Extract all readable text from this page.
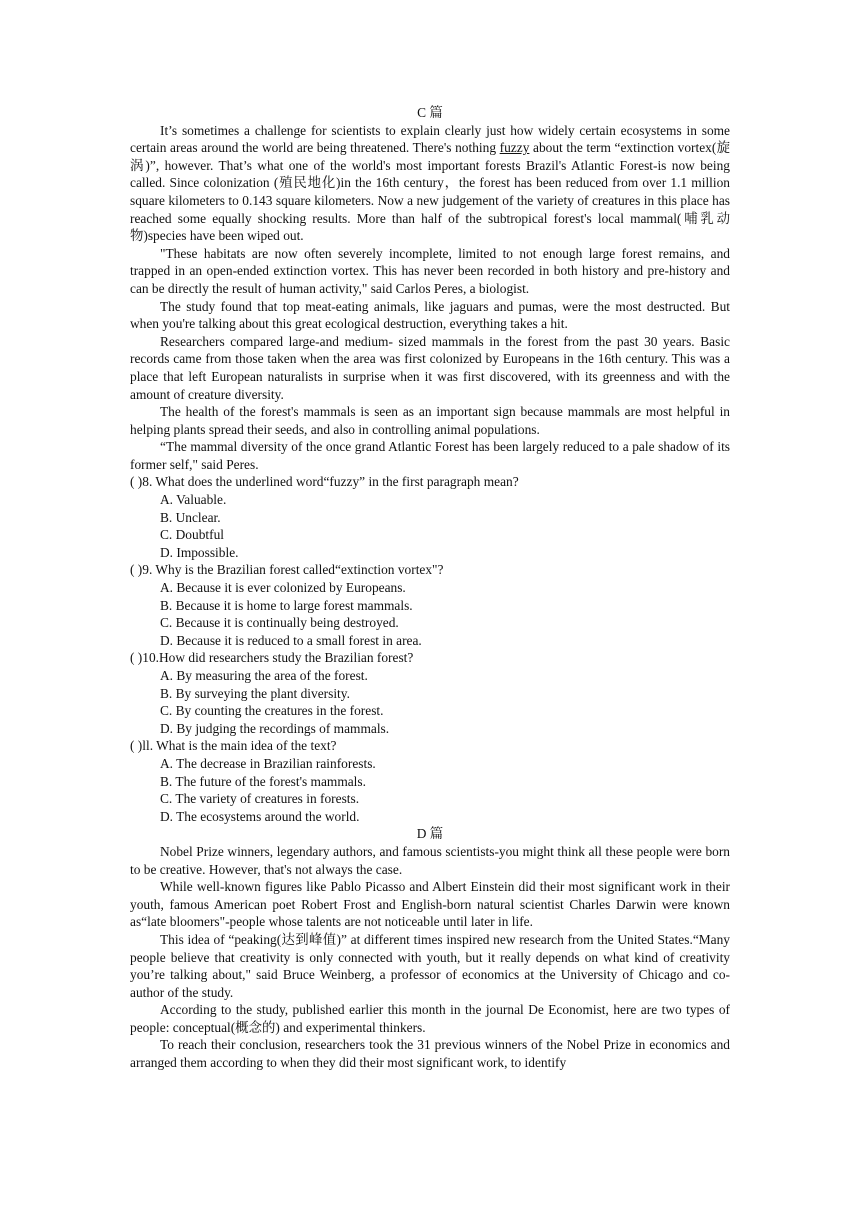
C 篇

It’s sometimes a challenge for scientists to explain clearly just how widely certain ecosystems in some certain areas around the world are being threatened. There's nothing fuzzy about the term “extinction vortex(旋涡)”, however. That’s what one of the world's most important forests Brazil's Atlantic Forest-is now being called. Since colonization (殖民地化)in the 16th century，the forest has been reduced from over 1.1 million square kilometers to 0.143 square kilometers. Now a new judgement of the variety of creatures in this place has reached some equally shocking results. More than half of the subtropical forest's local mammal(哺乳动物)species have been wiped out.

"These habitats are now often severely incomplete, limited to not enough large forest remains, and trapped in an open-ended extinction vortex. This has never been recorded in both history and pre-history and can be directly the result of human activity," said Carlos Peres, a biologist.

The study found that top meat-eating animals, like jaguars and pumas, were the most destructed. But when you're talking about this great ecological destruction, everything takes a hit.

Researchers compared large-and medium- sized mammals in the forest from the past 30 years. Basic records came from those taken when the area was first colonized by Europeans in the 16th century. This was a place that left European naturalists in surprise when it was first discovered, with its greenness and with the amount of creature diversity.

The health of the forest's mammals is seen as an important sign because mammals are most helpful in helping plants spread their seeds, and also in controlling animal populations.

“The mammal diversity of the once grand Atlantic Forest has been largely reduced to a pale shadow of its former self," said Peres.

( )8. What does the underlined word“fuzzy” in the first paragraph mean?

A. Valuable.

B. Unclear.

C. Doubtful

D. Impossible.

( )9. Why is the Brazilian forest called“extinction vortex"?

A. Because it is ever colonized by Europeans.

B. Because it is home to large forest mammals.

C. Because it is continually being destroyed.

D. Because it is reduced to a small forest in area.

( )10.How did researchers study the Brazilian forest?

A. By measuring the area of the forest.

B. By surveying the plant diversity.

C. By counting the creatures in the forest.

D. By judging the recordings of mammals.

( )ll. What is the main idea of the text?

A. The decrease in Brazilian rainforests.

B. The future of the forest's mammals.

C. The variety of creatures in forests.

D. The ecosystems around the world.

D 篇

Nobel Prize winners, legendary authors, and famous scientists-you might think all these people were born to be creative. However, that's not always the case.

While well-known figures like Pablo Picasso and Albert Einstein did their most significant work in their youth, famous American poet Robert Frost and English-born natural scientist Charles Darwin were known as“late bloomers"-people whose talents are not noticeable until later in life.

This idea of “peaking(达到峰值)” at different times inspired new research from the United States.“Many people believe that creativity is only connected with youth, but it really depends on what kind of creativity you’re talking about," said Bruce Weinberg, a professor of economics at the University of Chicago and co-author of the study.

According to the study, published earlier this month in the journal De Economist, here are two types of people: conceptual(概念的) and experimental thinkers.

To reach their conclusion, researchers took the 31 previous winners of the Nobel Prize in economics and arranged them according to when they did their most significant work, to identify
